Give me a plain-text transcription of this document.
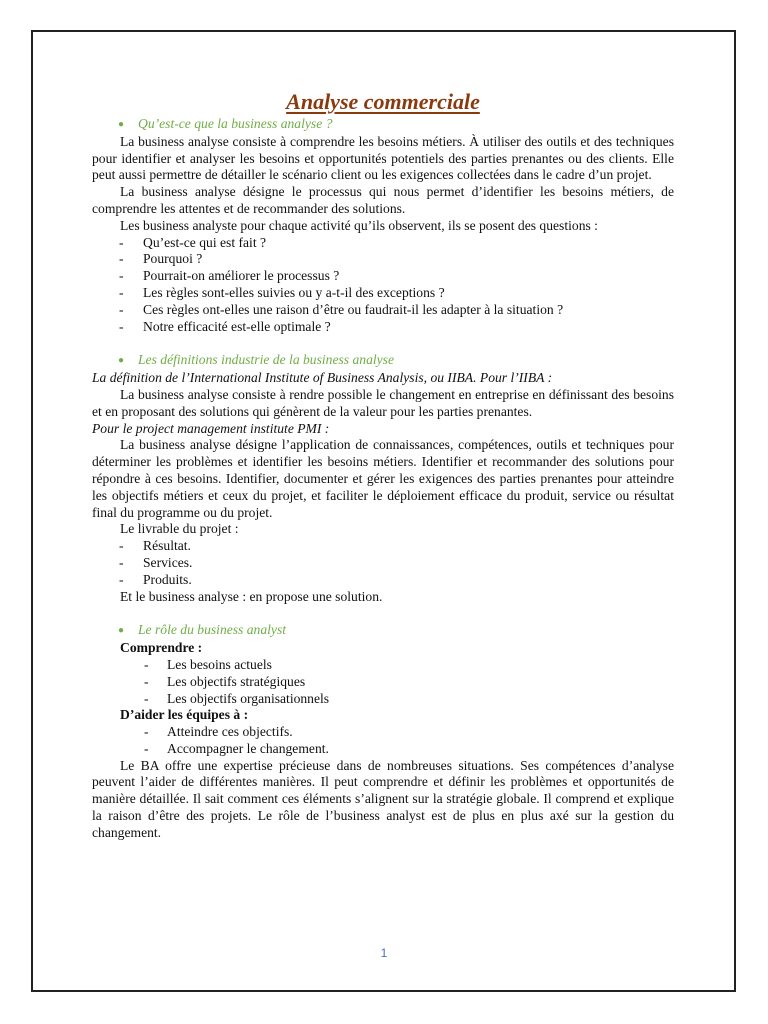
Analyse commerciale
● Qu’est-ce que la business analyse ?

La business analyse consiste à comprendre les besoins métiers. À utiliser des outils et des techniques pour identifier et analyser les besoins et opportunités potentiels des parties prenantes ou des clients. Elle peut aussi permettre de détailler le scénario client ou les exigences collectées dans le cadre d’un projet.

La business analyse désigne le processus qui nous permet d’identifier les besoins métiers, de comprendre les attentes et de recommander des solutions.

Les business analyste pour chaque activité qu’ils observent, ils se posent des questions :

- Qu’est-ce qui est fait ?
- Pourquoi ?
- Pourrait-on améliorer le processus ?
- Les règles sont-elles suivies ou y a-t-il des exceptions ?
- Ces règles ont-elles une raison d’être ou faudrait-il les adapter à la situation ?
- Notre efficacité est-elle optimale ?
● Les définitions industrie de la business analyse

La définition de l’International Institute of Business Analysis, ou IIBA. Pour l’IIBA :

La business analyse consiste à rendre possible le changement en entreprise en définissant des besoins et en proposant des solutions qui génèrent de la valeur pour les parties prenantes.

Pour le project management institute PMI :

La business analyse désigne l’application de connaissances, compétences, outils et techniques pour déterminer les problèmes et identifier les besoins métiers. Identifier et recommander des solutions pour répondre à ces besoins. Identifier, documenter et gérer les exigences des parties prenantes pour atteindre les objectifs métiers et ceux du projet, et faciliter le déploiement efficace du produit, service ou résultat final du programme ou du projet.

Le livrable du projet :

- Résultat.
- Services.
- Produits.

Et le business analyse : en propose une solution.

● Le rôle du business analyst

Comprendre :

- Les besoins actuels
- Les objectifs stratégiques
- Les objectifs organisationnels

D’aider les équipes à :

- Atteindre ces objectifs.
- Accompagner le changement.

Le BA offre une expertise précieuse dans de nombreuses situations. Ses compétences d’analyse peuvent l’aider de différentes manières. Il peut comprendre et définir les problèmes et opportunités de manière détaillée. Il sait comment ces éléments s’alignent sur la stratégie globale. Il comprend et explique la raison d’être des projets. Le rôle de l’business analyst est de plus en plus axé sur la gestion du changement.

1
